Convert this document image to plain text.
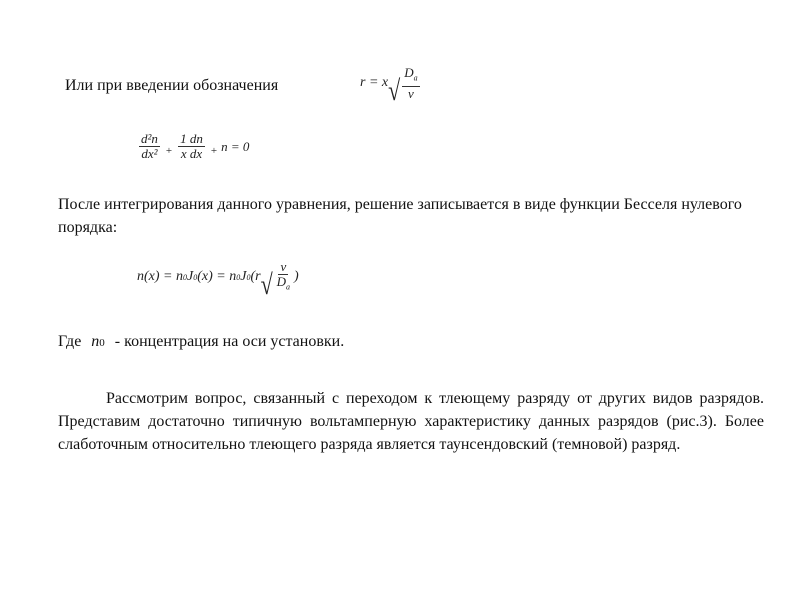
Или при введении обозначения	r = x √ $\frac{D_a}{v}$
$\frac{\text{d²n}}{\text{dx²}} + \frac{1 dn}{\text{x dx}} + n = 0$
После интегрирования данного уравнения, решение записывается в виде функции Бесселя нулевого порядка:
n(x) = n 0 J 0 (x) = n 0 J 0 (r √ $\frac{v}{D_a}$ )
Где n 0 - концентрация на оси установки.
Рассмотрим вопрос, связанный с переходом к тлеющему разряду от других видов разрядов. Представим достаточно типичную вольтамперную характеристику данных разрядов (рис.3). Более слаботочным относительно тлеющего разряда является таунсендовский (темновой) разряд.
